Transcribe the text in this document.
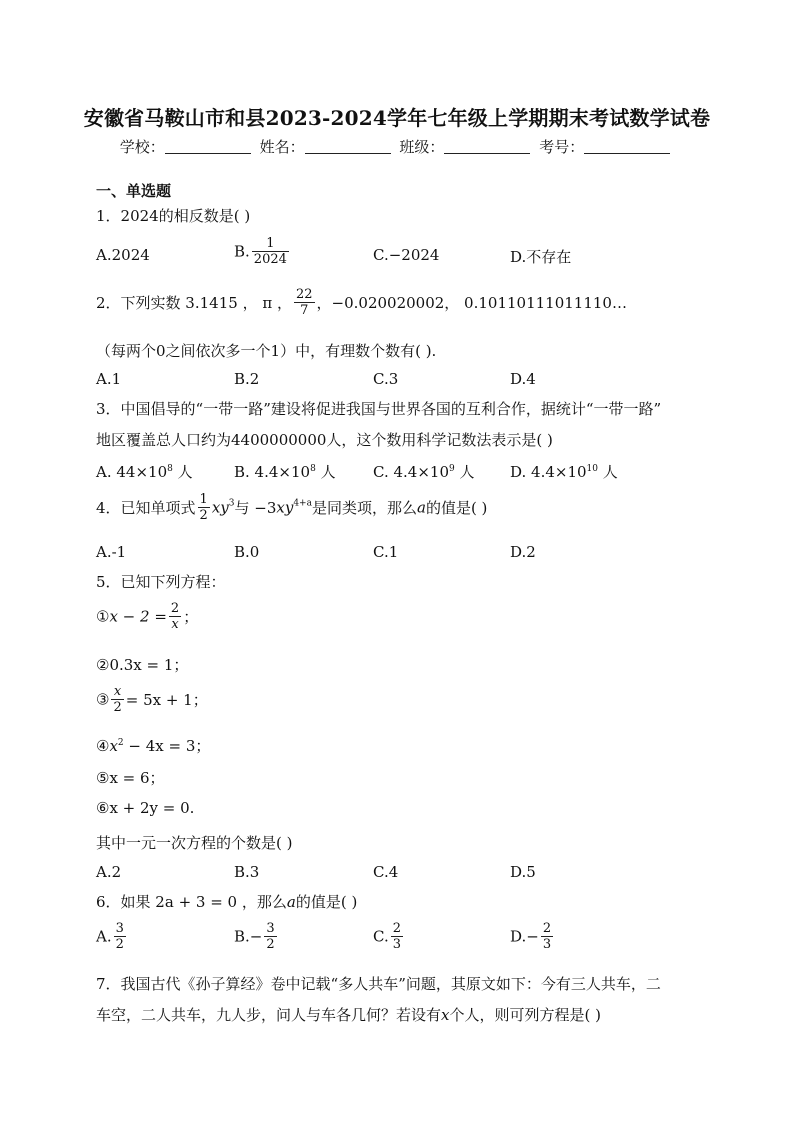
安徽省马鞍山市和县2023-2024学年七年级上学期期末考试数学试卷
学校：	姓名：	班级：	考号：
一、单选题
1．2024的相反数是( )
A.2024	B. $\frac{1}{2024}$	C.−2024	D.不存在
2．下列实数 3.1415 ， π ， $\frac{22}{7}$ ，−0.020020002， 0.10110111011110…
（每两个0之间依次多一个1）中，有理数个数有( ).
A.1	B.2	C.3	D.4
3．中国倡导的“一带一路”建设将促进我国与世界各国的互利合作，据统计“一带一路”
地区覆盖总人口约为4400000000人，这个数用科学记数法表示是( )
A. $44\times 10^8$ 人	B. $4.4\times 10^8$ 人 C. $4.4\times 10^9$ 人 D. $4.4\times 10^{10}$ 人
4．已知单项式 $\frac{1}{2} xy^3$与 $-3xy^{4+a}$是同类项，那么a的值是( )
A.-1	B.0	C.1	D.2
5．已知下列方程：
①x − $2 = \frac{2}{x}$ ；
②0.3x = 1；
③ $\frac{x}{2} = 5x + 1$；
$④x^2 - 4x = 3$；
⑤x = 6；
⑥x + 2y = 0.
其中一元一次方程的个数是( )
A.2	B.3	C.4	D.5
6．如果 2a + 3 = 0 ，那么a的值是( )
A. $\frac{3}{2}$	$B.- \frac{3}{2}$	C. $\frac{2}{3}$	$D.- \frac{2}{3}$
7．我国古代《孙子算经》卷中记载“多人共车”问题，其原文如下：今有三人共车，二
车空，二人共车，九人步，问人与车各几何？若设有x个人，则可列方程是( )
